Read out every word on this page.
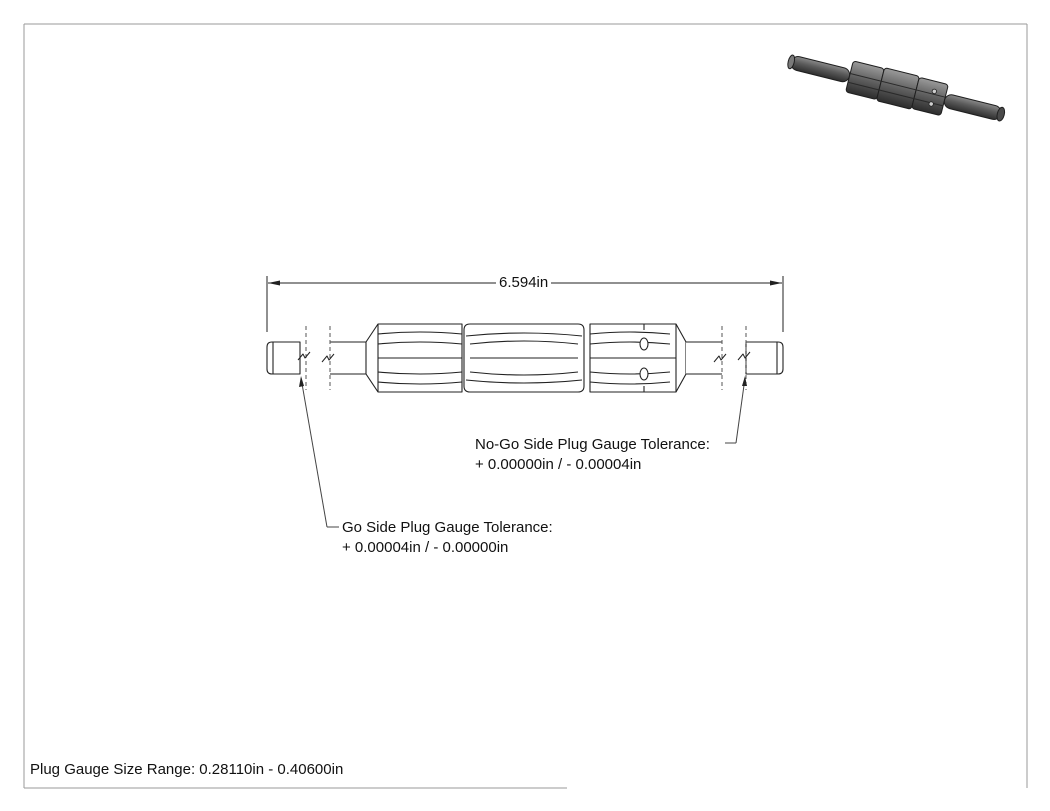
6.594in
No-Go Side Plug Gauge Tolerance:
+ 0.00000in / - 0.00004in
Go Side Plug Gauge Tolerance:
+ 0.00004in / - 0.00000in
Plug Gauge Size Range: 0.28110in - 0.40600in
